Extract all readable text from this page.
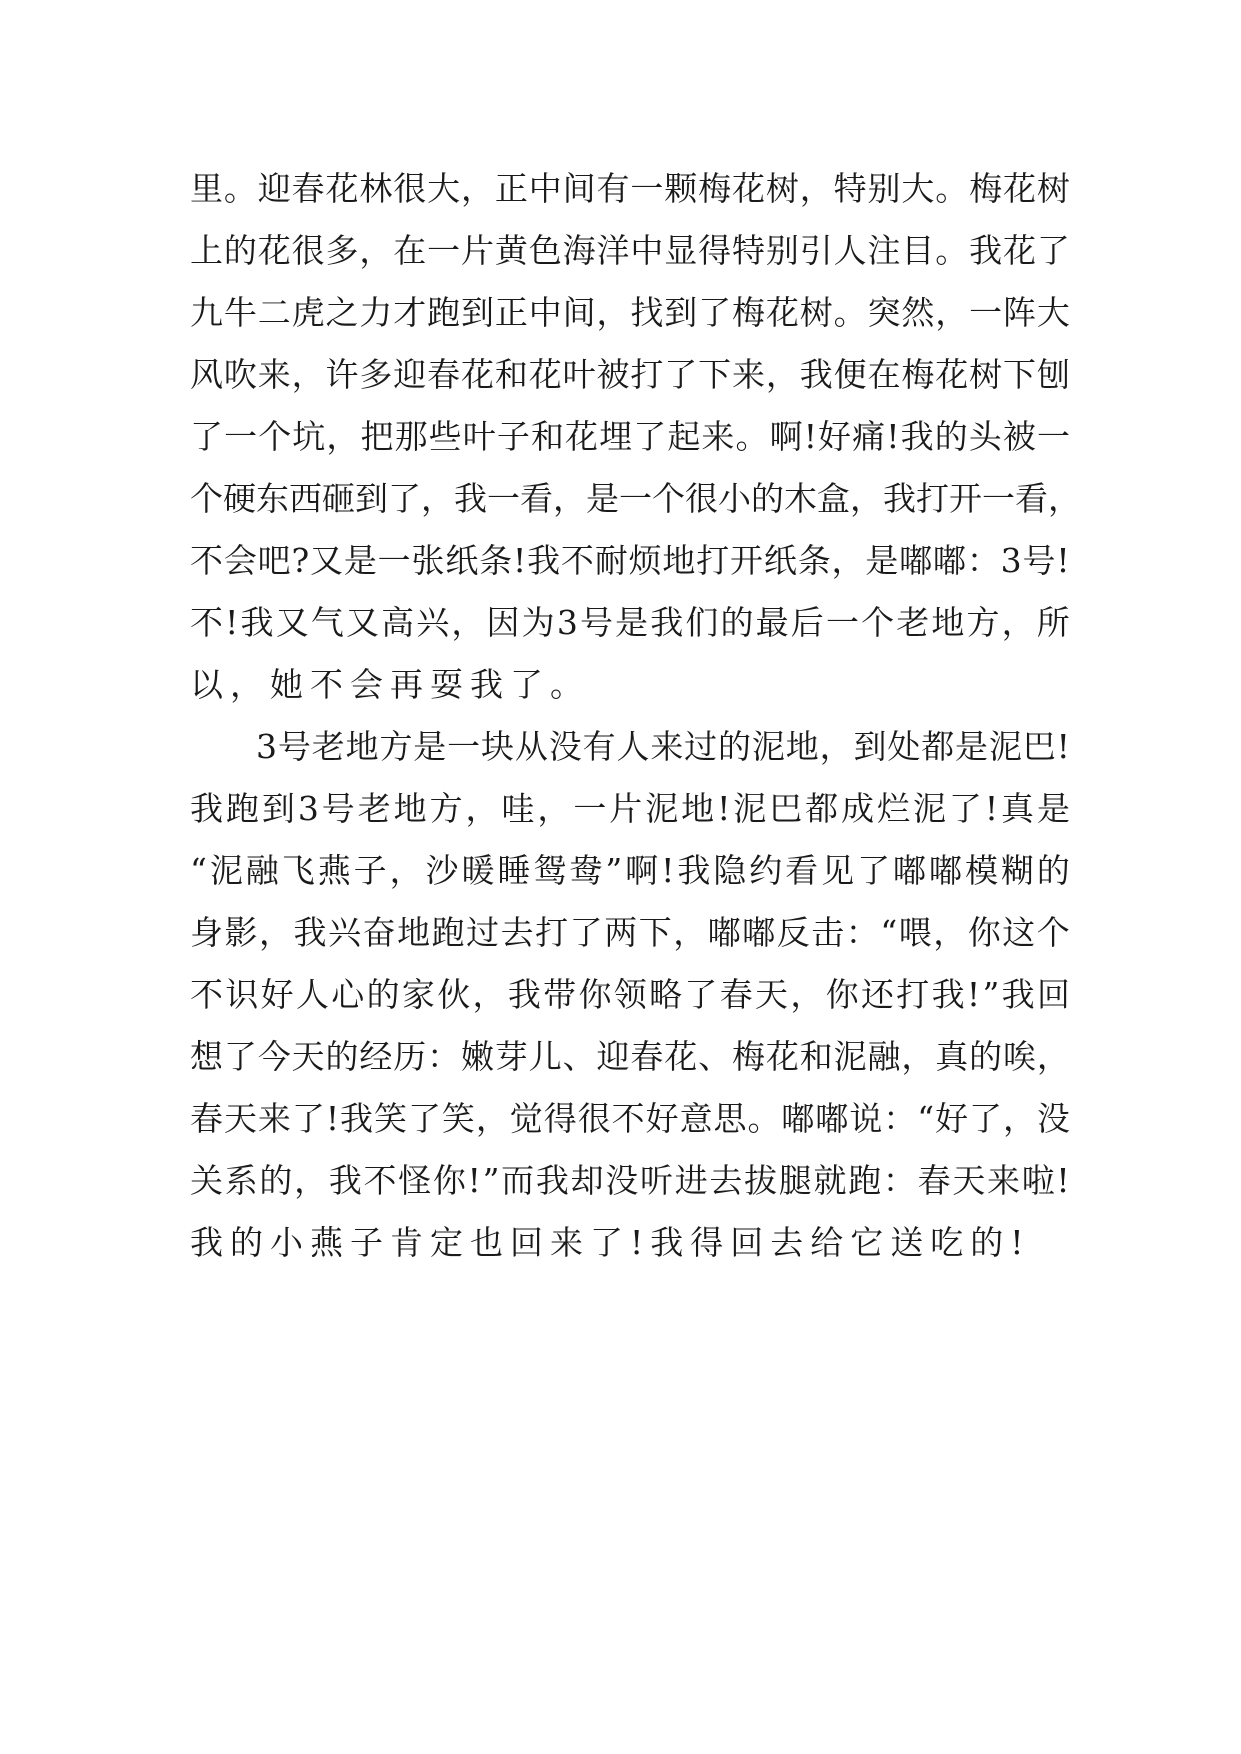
里 。 迎 春 花 林 很 大 ， 正 中 间 有 一 颗 梅 花 树 ， 特 别 大 。 梅 花 树
上 的 花 很 多 ， 在 一 片 黄 色 海 洋 中 显 得 特 别 引 人 注 目 。 我 花 了
九 牛 二 虎 之 力 才 跑 到 正 中 间 ， 找 到 了 梅 花 树 。 突 然 ， 一 阵 大
风 吹 来 ， 许 多 迎 春 花 和 花 叶 被 打 了 下 来 ， 我 便 在 梅 花 树 下 刨
了 一 个 坑 ， 把 那 些 叶 子 和 花 埋 了 起 来 。 啊 ! 好 痛 ! 我 的 头 被 一
个 硬 东 西 砸 到 了 ， 我 一 看 ， 是 一 个 很 小 的 木 盒 ， 我 打 开 一 看 ，
不 会 吧 ? 又 是 一 张 纸 条 ! 我 不 耐 烦 地 打 开 纸 条 ， 是 嘟 嘟 ： 3 号 !
不 ! 我 又 气 又 高 兴 ， 因 为 3 号 是 我 们 的 最 后 一 个 老 地 方 ， 所
以，她不会再耍我了。
3 号 老 地 方 是 一 块 从 没 有 人 来 过 的 泥 地 ， 到 处 都 是 泥 巴 !
我 跑 到 3 号 老 地 方 ， 哇 ， 一 片 泥 地 ! 泥 巴 都 成 烂 泥 了 ! 真 是
“ 泥 融 飞 燕 子 ， 沙 暖 睡 鸳 鸯 ” 啊 ! 我 隐 约 看 见 了 嘟 嘟 模 糊 的
身 影 ， 我 兴 奋 地 跑 过 去 打 了 两 下 ， 嘟 嘟 反 击 ： “ 喂 ， 你 这 个
不 识 好 人 心 的 家 伙 ， 我 带 你 领 略 了 春 天 ， 你 还 打 我 ! ” 我 回
想 了 今 天 的 经 历 ： 嫩 芽 儿 、 迎 春 花 、 梅 花 和 泥 融 ， 真 的 唉 ，
春 天 来 了 ! 我 笑 了 笑 ， 觉 得 很 不 好 意 思 。 嘟 嘟 说 ： “ 好 了 ， 没
关 系 的 ， 我 不 怪 你 ! ” 而 我 却 没 听 进 去 拔 腿 就 跑 ： 春 天 来 啦 !
我的小燕子肯定也回来了!我得回去给它送吃的!
